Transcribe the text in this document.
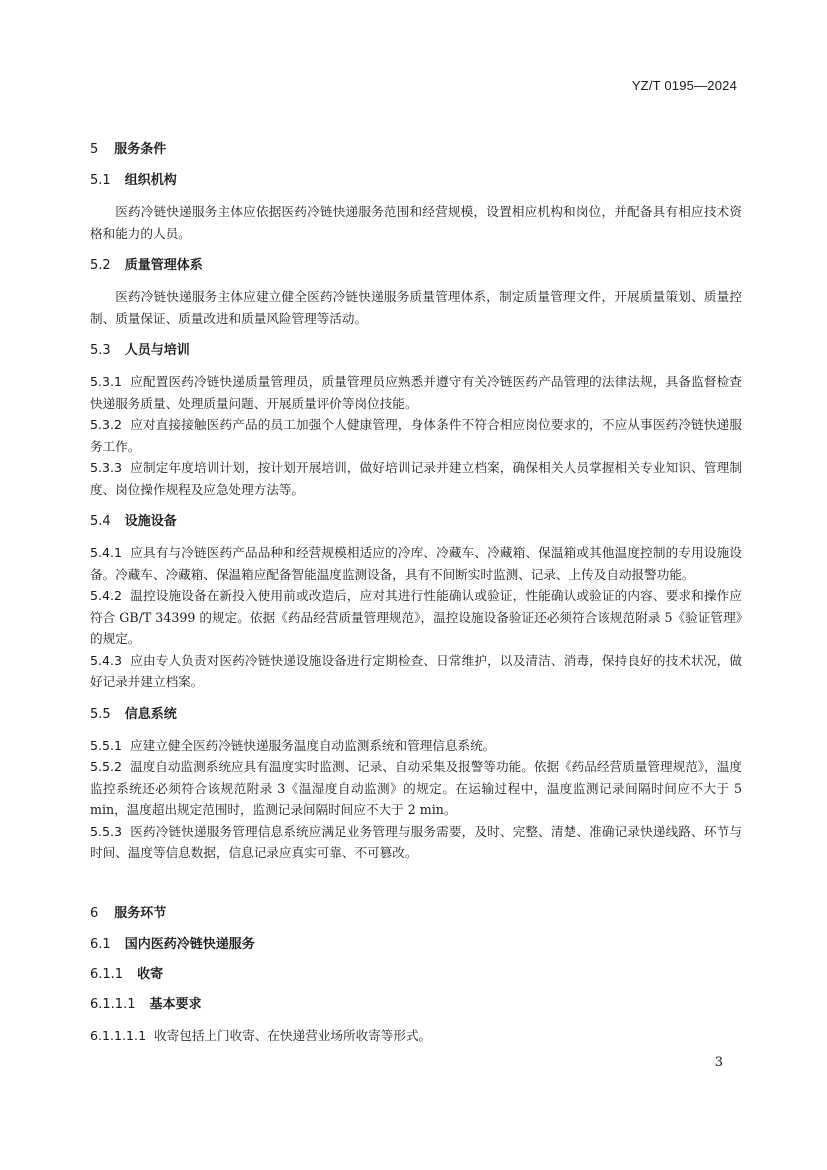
YZ/T 0195—2024
5 服务条件
5.1 组织机构

医药冷链快递服务主体应依据医药冷链快递服务范围和经营规模，设置相应机构和岗位，并配备具有相应技术资格和能力的人员。

5.2 质量管理体系

医药冷链快递服务主体应建立健全医药冷链快递服务质量管理体系，制定质量管理文件，开展质量策划、质量控制、质量保证、质量改进和质量风险管理等活动。

5.3 人员与培训

5.3.1 应配置医药冷链快递质量管理员，质量管理员应熟悉并遵守有关冷链医药产品管理的法律法规，具备监督检查快递服务质量、处理质量问题、开展质量评价等岗位技能。

5.3.2 应对直接接触医药产品的员工加强个人健康管理，身体条件不符合相应岗位要求的，不应从事医药冷链快递服务工作。

5.3.3 应制定年度培训计划，按计划开展培训，做好培训记录并建立档案，确保相关人员掌握相关专业知识、管理制度、岗位操作规程及应急处理方法等。

5.4 设施设备

5.4.1 应具有与冷链医药产品品种和经营规模相适应的冷库、冷藏车、冷藏箱、保温箱或其他温度控制的专用设施设备。冷藏车、冷藏箱、保温箱应配备智能温度监测设备，具有不间断实时监测、记录、上传及自动报警功能。

5.4.2 温控设施设备在新投入使用前或改造后，应对其进行性能确认或验证，性能确认或验证的内容、要求和操作应符合 GB/T 34399 的规定。依据《药品经营质量管理规范》，温控设施设备验证还必须符合该规范附录 5《验证管理》的规定。

5.4.3 应由专人负责对医药冷链快递设施设备进行定期检查、日常维护，以及清洁、消毒，保持良好的技术状况，做好记录并建立档案。

5.5 信息系统

5.5.1 应建立健全医药冷链快递服务温度自动监测系统和管理信息系统。

5.5.2 温度自动监测系统应具有温度实时监测、记录、自动采集及报警等功能。依据《药品经营质量管理规范》，温度监控系统还必须符合该规范附录 3《温湿度自动监测》的规定。在运输过程中，温度监测记录间隔时间应不大于 5 min，温度超出规定范围时，监测记录间隔时间应不大于 2 min。

5.5.3 医药冷链快递服务管理信息系统应满足业务管理与服务需要，及时、完整、清楚、准确记录快递线路、环节与时间、温度等信息数据，信息记录应真实可靠、不可篡改。

6 服务环节
6.1 国内医药冷链快递服务
6.1.1 收寄
6.1.1.1 基本要求

6.1.1.1.1 收寄包括上门收寄、在快递营业场所收寄等形式。

3
